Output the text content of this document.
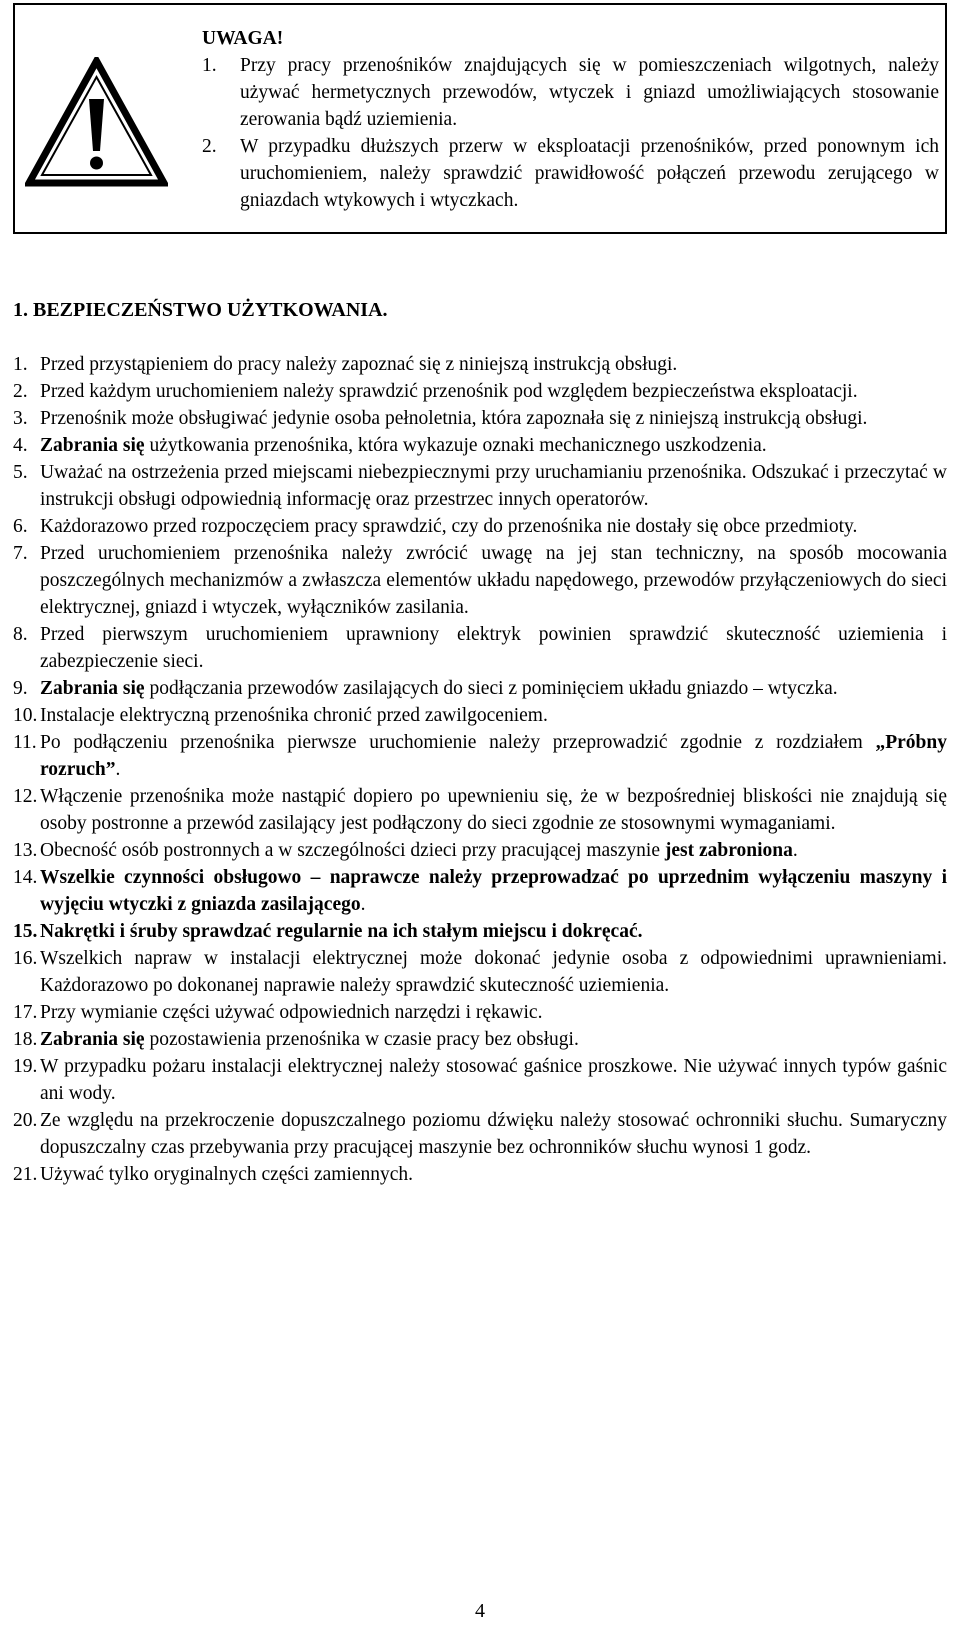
UWAGA!
1. Przy pracy przenośników znajdujących się w pomieszczeniach wilgotnych, należy używać hermetycznych przewodów, wtyczek i gniazd umożliwiających stosowanie zerowania bądź uziemienia.
2. W przypadku dłuższych przerw w eksploatacji przenośników, przed ponownym ich uruchomieniem, należy sprawdzić prawidłowość połączeń przewodu zerującego w gniazdach wtykowych i wtyczkach.
1. BEZPIECZEŃSTWO UŻYTKOWANIA.
1. Przed przystąpieniem do pracy należy zapoznać się z niniejszą instrukcją obsługi.
2. Przed każdym uruchomieniem należy sprawdzić przenośnik pod względem bezpieczeństwa eksploatacji.
3. Przenośnik może obsługiwać jedynie osoba pełnoletnia, która zapoznała się z niniejszą instrukcją obsługi.
4. Zabrania się użytkowania przenośnika, która wykazuje oznaki mechanicznego uszkodzenia.
5. Uważać na ostrzeżenia przed miejscami niebezpiecznymi przy uruchamianiu przenośnika. Odszukać i przeczytać w instrukcji obsługi odpowiednią informację oraz przestrzec innych operatorów.
6. Każdorazowo przed rozpoczęciem pracy sprawdzić, czy do przenośnika nie dostały się obce przedmioty.
7. Przed uruchomieniem przenośnika należy zwrócić uwagę na jej stan techniczny, na sposób mocowania poszczególnych mechanizmów a zwłaszcza elementów układu napędowego, przewodów przyłączeniowych do sieci elektrycznej, gniazd i wtyczek, wyłączników zasilania.
8. Przed pierwszym uruchomieniem uprawniony elektryk powinien sprawdzić skuteczność uziemienia i zabezpieczenie sieci.
9. Zabrania się podłączania przewodów zasilających do sieci z pominięciem układu gniazdo – wtyczka.
10. Instalacje elektryczną przenośnika chronić przed zawilgoceniem.
11. Po podłączeniu przenośnika pierwsze uruchomienie należy przeprowadzić zgodnie z rozdziałem „Próbny rozruch”.
12. Włączenie przenośnika może nastąpić dopiero po upewnieniu się, że w bezpośredniej bliskości nie znajdują się osoby postronne a przewód zasilający jest podłączony do sieci zgodnie ze stosownymi wymaganiami.
13. Obecność osób postronnych a w szczególności dzieci przy pracującej maszynie jest zabroniona.
14. Wszelkie czynności obsługowo – naprawcze należy przeprowadzać po uprzednim wyłączeniu maszyny i wyjęciu wtyczki z gniazda zasilającego.
15. Nakrętki i śruby sprawdzać regularnie na ich stałym miejscu i dokręcać.
16. Wszelkich napraw w instalacji elektrycznej może dokonać jedynie osoba z odpowiednimi uprawnieniami. Każdorazowo po dokonanej naprawie należy sprawdzić skuteczność uziemienia.
17. Przy wymianie części używać odpowiednich narzędzi i rękawic.
18. Zabrania się pozostawienia przenośnika w czasie pracy bez obsługi.
19. W przypadku pożaru instalacji elektrycznej należy stosować gaśnice proszkowe. Nie używać innych typów gaśnic ani wody.
20. Ze względu na przekroczenie dopuszczalnego poziomu dźwięku należy stosować ochronniki słuchu. Sumaryczny dopuszczalny czas przebywania przy pracującej maszynie bez ochronników słuchu wynosi 1 godz.
21. Używać tylko oryginalnych części zamiennych.
4
